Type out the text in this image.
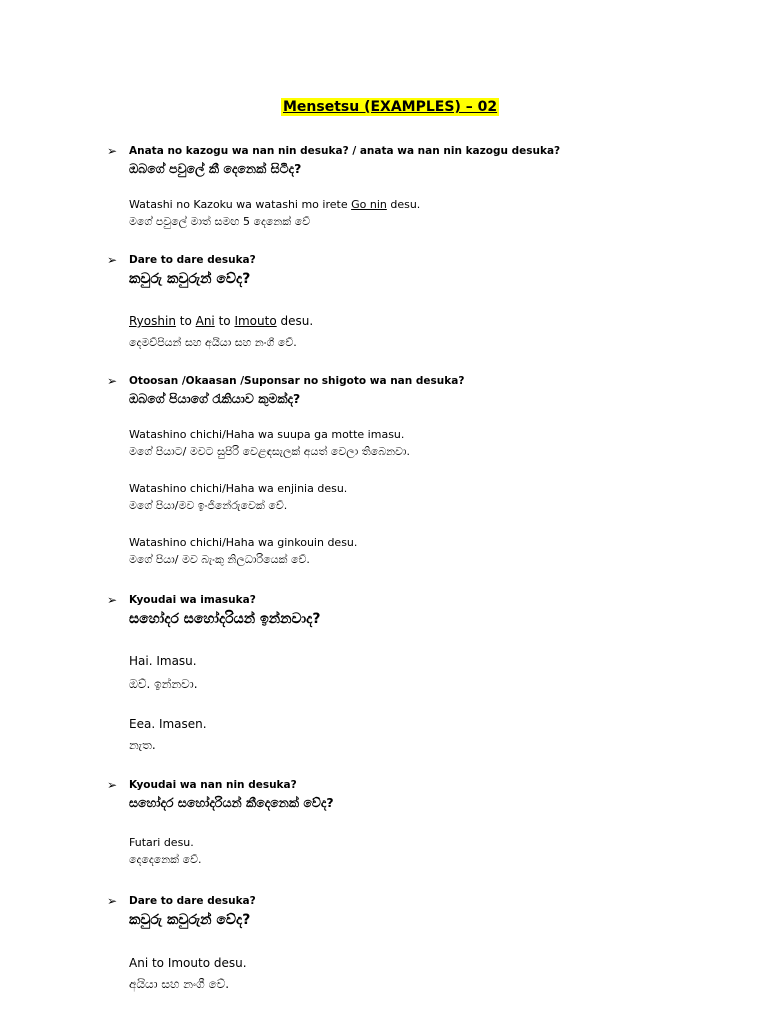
Mensetsu (EXAMPLES) – 02
➢ Anata no kazogu wa nan nin desuka? / anata wa nan nin kazogu desuka?
ඔබගේ පවුලේ කී දෙනෙක් සිටීද?
Watashi no Kazoku wa watashi mo irete Go nin desu.
මගේ පවුලේ මාත් සමඟ 5 දෙනෙක් වේ
➢ Dare to dare desuka?
කවුරු කවුරුන් වේද?
Ryoshin to Ani to Imouto desu.
දෙමව්පියන් සහ අයියා සහ නංගී වේ.
➢ Otoosan /Okaasan /Suponsar no shigoto wa nan desuka?
ඔබගේ පියාගේ රැකියාව කුමක්ද?
Watashino chichi/Haha wa suupa ga motte imasu.
මගේ පියාට/ මවට සුපිරි වෙළඳසැලක් අයත් වෙලා තිබෙනවා.
Watashino chichi/Haha wa enjinia desu.
මගේ පියා/මව ඉංජිනේරුවෙක් වේ.
Watashino chichi/Haha wa ginkouin desu.
මගේ පියා/ මව බැංකු නිලධාරියෙක් වේ.
➢ Kyoudai wa imasuka?
සහෝදර සහෝදරියන් ඉන්නවාද?
Hai. Imasu.
ඔව්. ඉන්නවා.
Eea. Imasen.
නැත.
➢ Kyoudai wa nan nin desuka?
සහෝදර සහෝදරියන් කීදෙනෙක් වේද?
Futari desu.
දෙදෙනෙක් වේ.
➢ Dare to dare desuka?
කවුරු කවුරුන් වේද?
Ani to Imouto desu.
අයියා සහ නංගී වේ.
